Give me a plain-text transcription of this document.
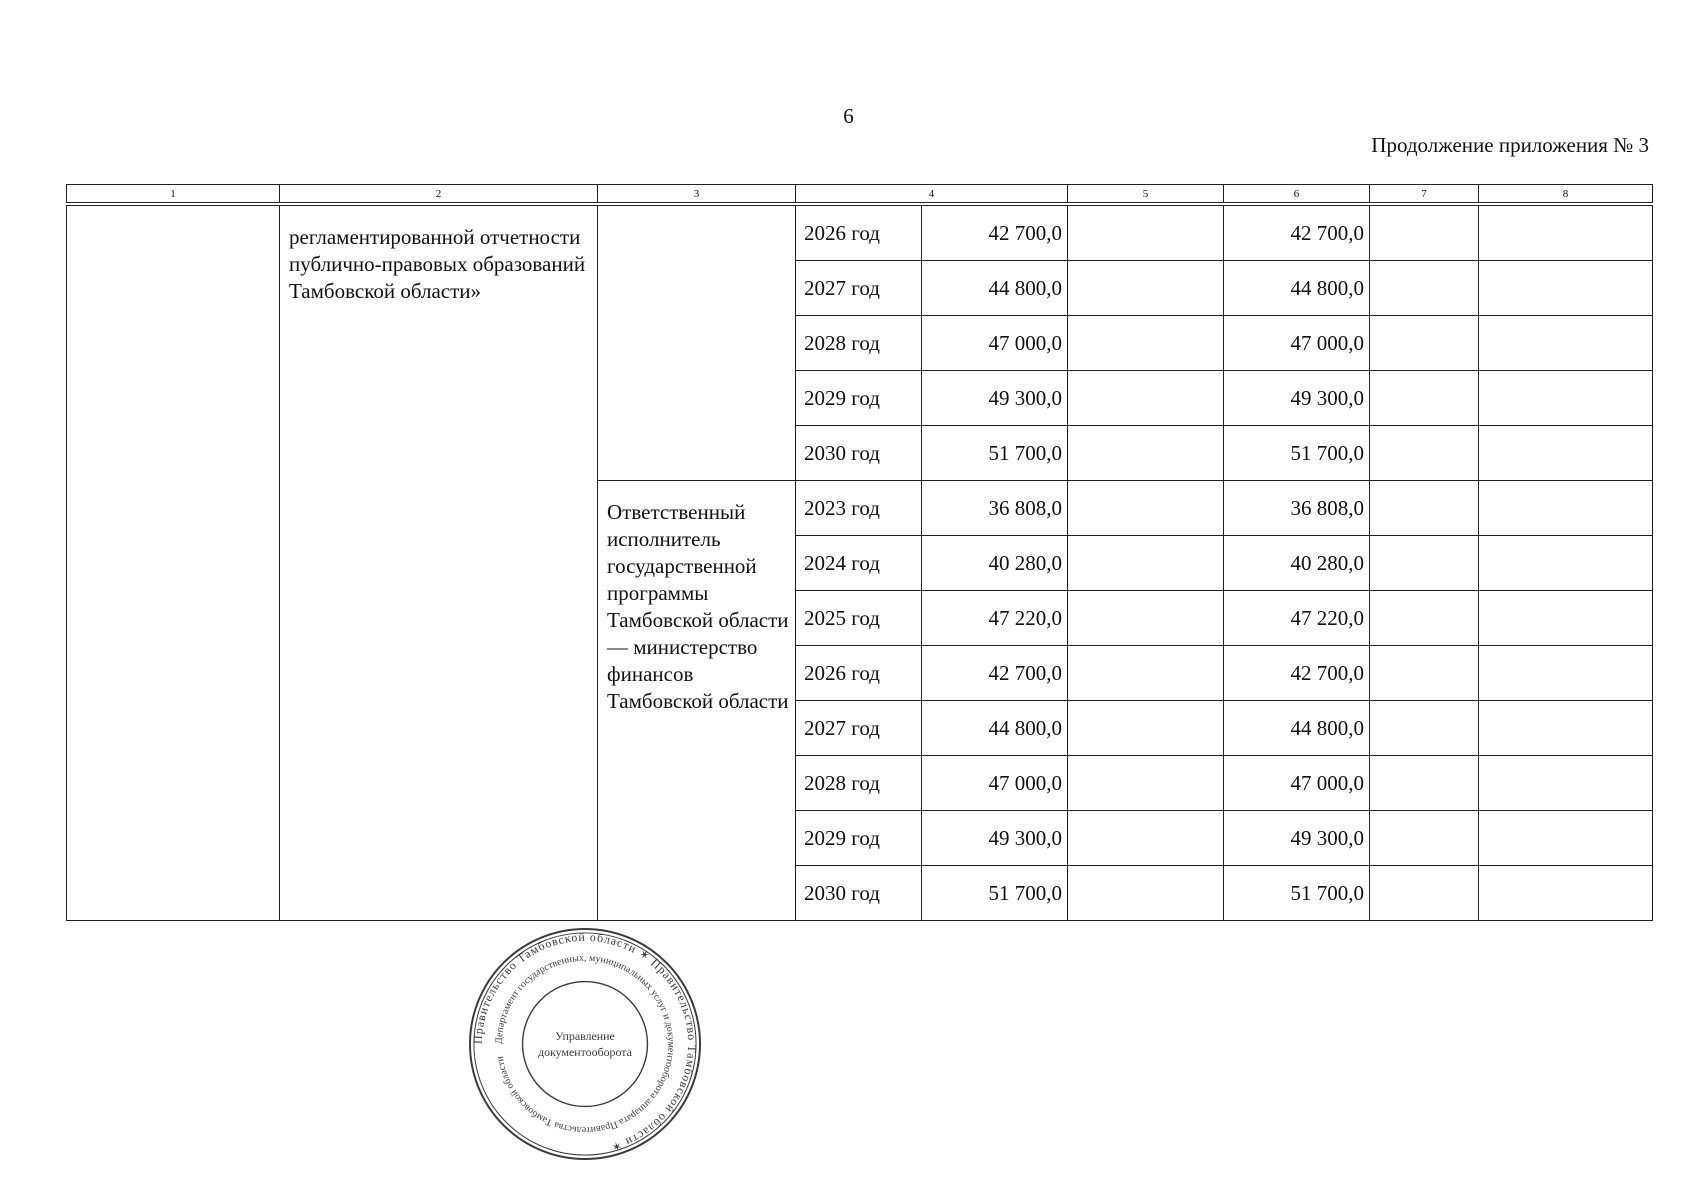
6
Продолжение приложения № 3
1	2	3	4	5	6	7	8
	регламентированной отчетности публично-правовых образований Тамбовской области»		2026 год	42 700,0		42 700,0		
			2027 год	44 800,0		44 800,0		
			2028 год	47 000,0		47 000,0		
			2029 год	49 300,0		49 300,0		
			2030 год	51 700,0		51 700,0		
		Ответственный исполнитель государственной программы Тамбовской области — министерство финансов Тамбовской области	2023 год	36 808,0		36 808,0		
			2024 год	40 280,0		40 280,0		
			2025 год	47 220,0		47 220,0		
			2026 год	42 700,0		42 700,0		
			2027 год	44 800,0		44 800,0		
			2028 год	47 000,0		47 000,0		
			2029 год	49 300,0		49 300,0		
			2030 год	51 700,0		51 700,0		
Правительство Тамбовской области ✶ Правительство Тамбовской области ✶
Департамент государственных, муниципальных услуг и документооборота аппарата Правительства Тамбовской области
Управление
документооборота
